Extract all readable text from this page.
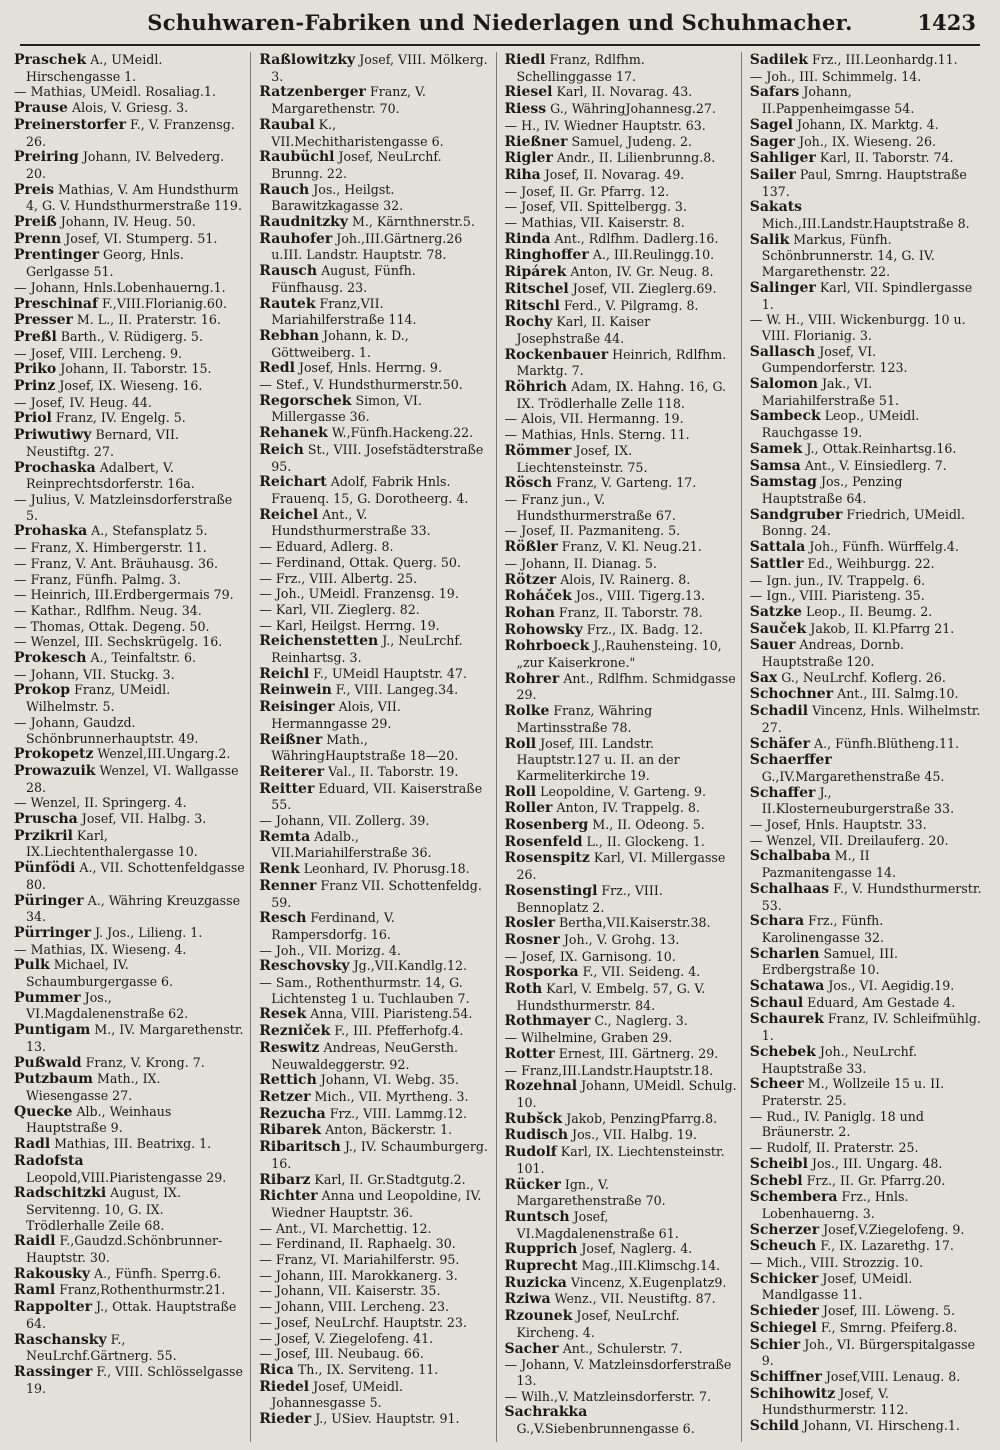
Schuhwaren-Fabriken und Niederlagen und Schuhmacher.	1423

Praschek A., UMeidl. Hirschengasse 1.

— Mathias, UMeidl. Rosaliag.1.

Prause Alois, V. Griesg. 3.

Preinerstorfer F., V. Franzensg. 26.

Preiring Johann, IV. Belvederg. 20.

Preis Mathias, V. Am Hundsthurm 4, G. V. Hundsthurmerstraße 119.

Preiß Johann, IV. Heug. 50.

Prenn Josef, VI. Stumperg. 51.

Prentinger Georg, Hnls. Gerlgasse 51.

— Johann, Hnls.Lobenhauerng.1.

Preschinaf F.,VIII.Florianig.60.

Presser M. L., II. Praterstr. 16.

Preßl Barth., V. Rüdigerg. 5.

— Josef, VIII. Lercheng. 9.

Priko Johann, II. Taborstr. 15.

Prinz Josef, IX. Wieseng. 16.

— Josef, IV. Heug. 44.

Priol Franz, IV. Engelg. 5.

Priwutiwy Bernard, VII. Neustiftg. 27.

Prochaska Adalbert, V. Reinprechtsdorferstr. 16a.

— Julius, V. Matzleinsdorferstraße 5.

Prohaska A., Stefansplatz 5.

— Franz, X. Himbergerstr. 11.

— Franz, V. Ant. Bräuhausg. 36.

— Franz, Fünfh. Palmg. 3.

— Heinrich, III.Erdbergermais 79.

— Kathar., Rdlfhm. Neug. 34.

— Thomas, Ottak. Degeng. 50.

— Wenzel, III. Sechskrügelg. 16.

Prokesch A., Teinfaltstr. 6.

— Johann, VII. Stuckg. 3.

Prokop Franz, UMeidl. Wilhelmstr. 5.

— Johann, Gaudzd. Schönbrunnerhauptstr. 49.

Prokopetz Wenzel,III.Ungarg.2.

Prowazuik Wenzel, VI. Wallgasse 28.

— Wenzel, II. Springerg. 4.

Pruscha Josef, VII. Halbg. 3.

Przikril Karl, IX.Liechtenthalergasse 10.

Pünfödi A., VII. Schottenfeldgasse 80.

Püringer A., Währing Kreuzgasse 34.

Pürringer J. Jos., Lilieng. 1.

— Mathias, IX. Wieseng. 4.

Pulk Michael, IV. Schaumburgergasse 6.

Pummer Jos., VI.Magdalenenstraße 62.

Puntigam M., IV. Margarethenstr. 13.

Pußwald Franz, V. Krong. 7.

Putzbaum Math., IX. Wiesengasse 27.

Quecke Alb., Weinhaus Hauptstraße 9.

Radl Mathias, III. Beatrixg. 1.

Radofsta Leopold,VIII.Piaristengasse 29.

Radschitzki August, IX. Servitenng. 10, G. IX. Trödlerhalle Zeile 68.

Raidl F.,Gaudzd.Schönbrunner-Hauptstr. 30.

Rakousky A., Fünfh. Sperrg.6.

Raml Franz,Rothenthurmstr.21.

Rappolter J., Ottak. Hauptstraße 64.

Raschansky F., NeuLrchf.Gärtnerg. 55.

Rassinger F., VIII. Schlösselgasse 19.

Raßlowitzky Josef, VIII. Mölkerg. 3.

Ratzenberger Franz, V. Margarethenstr. 70.

Raubal K., VII.Mechitharistengasse 6.

Raubüchl Josef, NeuLrchf. Brunng. 22.

Rauch Jos., Heilgst. Barawitzkagasse 32.

Raudnitzky M., Kärnthnerstr.5.

Rauhofer Joh.,III.Gärtnerg.26 u.III. Landstr. Hauptstr. 78.

Rausch August, Fünfh. Fünfhausg. 23.

Rautek Franz,VII. Mariahilferstraße 114.

Rebhan Johann, k. D., Göttweiberg. 1.

Redl Josef, Hnls. Herrng. 9.

— Stef., V. Hundsthurmerstr.50.

Regorschek Simon, VI. Millergasse 36.

Rehanek W.,Fünfh.Hackeng.22.

Reich St., VIII. Josefstädterstraße 95.

Reichart Adolf, Fabrik Hnls. Frauenq. 15, G. Dorotheerg. 4.

Reichel Ant., V. Hundsthurmerstraße 33.

— Eduard, Adlerg. 8.

— Ferdinand, Ottak. Querg. 50.

— Frz., VIII. Albertg. 25.

— Joh., UMeidl. Franzensg. 19.

— Karl, VII. Zieglerg. 82.

— Karl, Heilgst. Herrng. 19.

Reichenstetten J., NeuLrchf. Reinhartsg. 3.

Reichl F., UMeidl Hauptstr. 47.

Reinwein F., VIII. Langeg.34.

Reisinger Alois, VII. Hermanngasse 29.

Reißner Math., WähringHauptstraße 18—20.

Reiterer Val., II. Taborstr. 19.

Reitter Eduard, VII. Kaiserstraße 55.

— Johann, VII. Zollerg. 39.

Remta Adalb., VII.Mariahilferstraße 36.

Renk Leonhard, IV. Phorusg.18.

Renner Franz VII. Schottenfeldg. 59.

Resch Ferdinand, V. Rampersdorfg. 16.

— Joh., VII. Morizg. 4.

Reschovsky Jg.,VII.Kandlg.12.

— Sam., Rothenthurmstr. 14, G. Lichtensteg 1 u. Tuchlauben 7.

Resek Anna, VIII. Piaristeng.54.

Rezniček F., III. Pfefferhofg.4.

Reswitz Andreas, NeuGersth. Neuwaldeggerstr. 92.

Rettich Johann, VI. Webg. 35.

Retzer Mich., VII. Myrtheng. 3.

Rezucha Frz., VIII. Lammg.12.

Ribarek Anton, Bäckerstr. 1.

Ribaritsch J., IV. Schaumburgerg. 16.

Ribarz Karl, II. Gr.Stadtgutg.2.

Richter Anna und Leopoldine, IV. Wiedner Hauptstr. 36.

— Ant., VI. Marchettig. 12.

— Ferdinand, II. Raphaelg. 30.

— Franz, VI. Mariahilferstr. 95.

— Johann, III. Marokkanerg. 3.

— Johann, VII. Kaiserstr. 35.

— Johann, VIII. Lercheng. 23.

— Josef, NeuLrchf. Hauptstr. 23.

— Josef, V. Ziegelofeng. 41.

— Josef, III. Neubaug. 66.

Rica Th., IX. Serviteng. 11.

Riedel Josef, UMeidl. Johannesgasse 5.

Rieder J., USiev. Hauptstr. 91.

Riedl Franz, Rdlfhm. Schellinggasse 17.

Riesel Karl, II. Novarag. 43.

Riess G., WähringJohannesg.27.

— H., IV. Wiedner Hauptstr. 63.

Rießner Samuel, Judeng. 2.

Rigler Andr., II. Lilienbrunng.8.

Riha Josef, II. Novarag. 49.

— Josef, II. Gr. Pfarrg. 12.

— Josef, VII. Spittelbergg. 3.

— Mathias, VII. Kaiserstr. 8.

Rinda Ant., Rdlfhm. Dadlerg.16.

Ringhoffer A., III.Reulingg.10.

Ripárek Anton, IV. Gr. Neug. 8.

Ritschel Josef, VII. Zieglerg.69.

Ritschl Ferd., V. Pilgramg. 8.

Rochy Karl, II. Kaiser Josephstraße 44.

Rockenbauer Heinrich, Rdlfhm. Marktg. 7.

Röhrich Adam, IX. Hahng. 16, G. IX. Trödlerhalle Zelle 118.

— Alois, VII. Hermanng. 19.

— Mathias, Hnls. Sterng. 11.

Römmer Josef, IX. Liechtensteinstr. 75.

Rösch Franz, V. Garteng. 17.

— Franz jun., V. Hundsthurmerstraße 67.

— Josef, II. Pazmaniteng. 5.

Rößler Franz, V. Kl. Neug.21.

— Johann, II. Dianag. 5.

Rötzer Alois, IV. Rainerg. 8.

Roháček Jos., VIII. Tigerg.13.

Rohan Franz, II. Taborstr. 78.

Rohowsky Frz., IX. Badg. 12.

Rohrboeck J.,Rauhensteing. 10, „zur Kaiserkrone."

Rohrer Ant., Rdlfhm. Schmidgasse 29.

Rolke Franz, Währing Martinsstraße 78.

Roll Josef, III. Landstr. Hauptstr.127 u. II. an der Karmeliterkirche 19.

Roll Leopoldine, V. Garteng. 9.

Roller Anton, IV. Trappelg. 8.

Rosenberg M., II. Odeong. 5.

Rosenfeld L., II. Glockeng. 1.

Rosenspitz Karl, VI. Millergasse 26.

Rosenstingl Frz., VIII. Bennoplatz 2.

Rosler Bertha,VII.Kaiserstr.38.

Rosner Joh., V. Grohg. 13.

— Josef, IX. Garnisong. 10.

Rosporka F., VII. Seideng. 4.

Roth Karl, V. Embelg. 57, G. V. Hundsthurmerstr. 84.

Rothmayer C., Naglerg. 3.

— Wilhelmine, Graben 29.

Rotter Ernest, III. Gärtnerg. 29.

— Franz,III.Landstr.Hauptstr.18.

Rozehnal Johann, UMeidl. Schulg. 10.

Rubšck Jakob, PenzingPfarrg.8.

Rudisch Jos., VII. Halbg. 19.

Rudolf Karl, IX. Liechtensteinstr. 101.

Rücker Ign., V. Margarethenstraße 70.

Runtsch Josef, VI.Magdalenenstraße 61.

Rupprich Josef, Naglerg. 4.

Ruprecht Mag.,III.Klimschg.14.

Ruzicka Vincenz, X.Eugenplatz9.

Rziwa Wenz., VII. Neustiftg. 87.

Rzounek Josef, NeuLrchf. Kircheng. 4.

Sacher Ant., Schulerstr. 7.

— Johann, V. Matzleinsdorferstraße 13.

— Wilh.,V. Matzleinsdorferstr. 7.

Sachrakka G.,V.Siebenbrunnengasse 6.

Sadilek Frz., III.Leonhardg.11.

— Joh., III. Schimmelg. 14.

Safars Johann, II.Pappenheimgasse 54.

Sagel Johann, IX. Marktg. 4.

Sager Joh., IX. Wieseng. 26.

Sahliger Karl, II. Taborstr. 74.

Sailer Paul, Smrng. Hauptstraße 137.

Sakats Mich.,III.Landstr.Hauptstraße 8.

Salik Markus, Fünfh. Schönbrunnerstr. 14, G. IV. Margarethenstr. 22.

Salinger Karl, VII. Spindlergasse 1.

— W. H., VIII. Wickenburgg. 10 u. VIII. Florianig. 3.

Sallasch Josef, VI. Gumpendorferstr. 123.

Salomon Jak., VI. Mariahilferstraße 51.

Sambeck Leop., UMeidl. Rauchgasse 19.

Samek J., Ottak.Reinhartsg.16.

Samsa Ant., V. Einsiedlerg. 7.

Samstag Jos., Penzing Hauptstraße 64.

Sandgruber Friedrich, UMeidl. Bonng. 24.

Sattala Joh., Fünfh. Würffelg.4.

Sattler Ed., Weihburgg. 22.

— Ign. jun., IV. Trappelg. 6.

— Ign., VIII. Piaristeng. 35.

Satzke Leop., II. Beumg. 2.

Sauček Jakob, II. Kl.Pfarrg 21.

Sauer Andreas, Dornb. Hauptstraße 120.

Sax G., NeuLrchf. Koflerg. 26.

Schochner Ant., III. Salmg.10.

Schadil Vincenz, Hnls. Wilhelmstr. 27.

Schäfer A., Fünfh.Blütheng.11.

Schaerffer G.,IV.Margarethenstraße 45.

Schaffer J., II.Klosterneuburgerstraße 33.

— Josef, Hnls. Hauptstr. 33.

— Wenzel, VII. Dreilauferg. 20.

Schalbaba M., II Pazmanitengasse 14.

Schalhaas F., V. Hundsthurmerstr. 53.

Schara Frz., Fünfh. Karolinengasse 32.

Scharlen Samuel, III. Erdbergstraße 10.

Schatawa Jos., VI. Aegidig.19.

Schaul Eduard, Am Gestade 4.

Schaurek Franz, IV. Schleifmühlg. 1.

Schebek Joh., NeuLrchf. Hauptstraße 33.

Scheer M., Wollzeile 15 u. II. Praterstr. 25.

— Rud., IV. Paniglg. 18 und Bräunerstr. 2.

— Rudolf, II. Praterstr. 25.

Scheibl Jos., III. Ungarg. 48.

Schebl Frz., II. Gr. Pfarrg.20.

Schembera Frz., Hnls. Lobenhauerng. 3.

Scherzer Josef,V.Ziegelofeng. 9.

Scheuch F., IX. Lazarethg. 17.

— Mich., VIII. Strozzig. 10.

Schicker Josef, UMeidl. Mandlgasse 11.

Schieder Josef, III. Löweng. 5.

Schiegel F., Smrng. Pfeiferg.8.

Schier Joh., VI. Bürgerspitalgasse 9.

Schiffner Josef,VIII. Lenaug. 8.

Schihowitz Josef, V. Hundsthurmerstr. 112.

Schild Johann, VI. Hirscheng.1.
